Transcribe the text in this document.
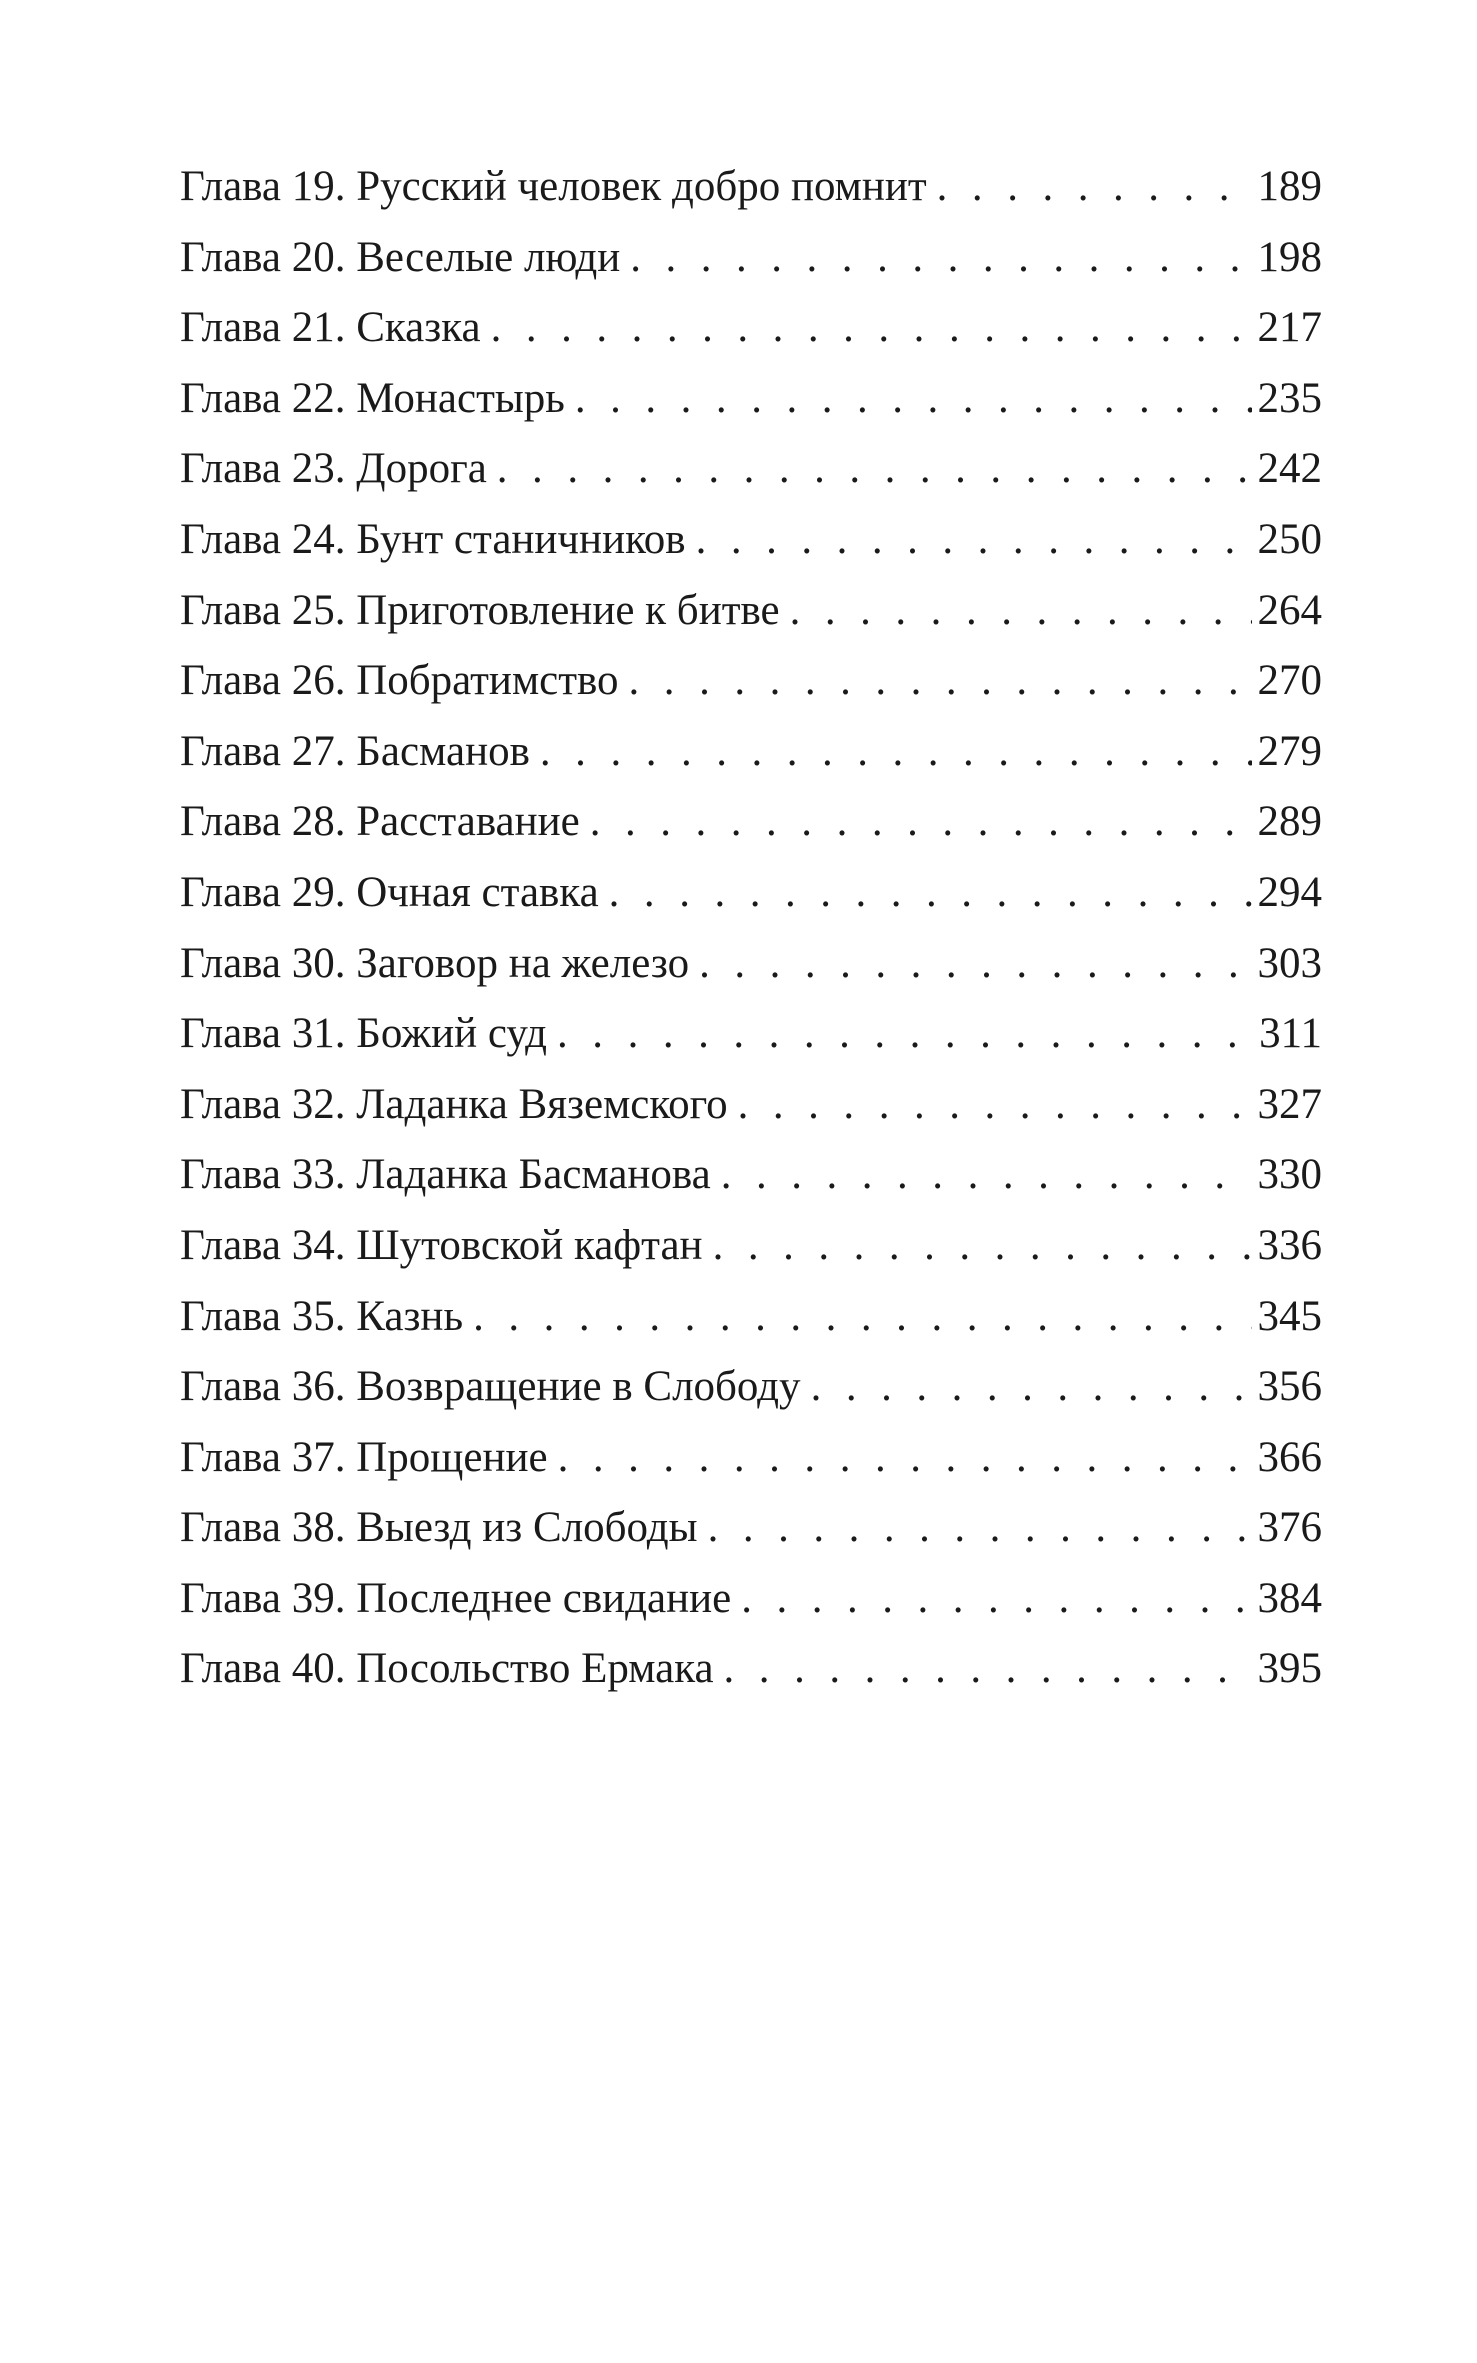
Глава 19. Русский человек добро помнит . . .	189
Глава 20. Веселые люди . . .	198
Глава 21. Сказка . . .	217
Глава 22. Монастырь . . .	235
Глава 23. Дорога . . .	242
Глава 24. Бунт станичников . . .	250
Глава 25. Приготовление к битве . . .	264
Глава 26. Побратимство . . .	270
Глава 27. Басманов . . .	279
Глава 28. Расставание . . .	289
Глава 29. Очная ставка . . .	294
Глава 30. Заговор на железо . . .	303
Глава 31. Божий суд . . .	311
Глава 32. Ладанка Вяземского . . .	327
Глава 33. Ладанка Басманова . . .	330
Глава 34. Шутовской кафтан . . .	336
Глава 35. Казнь . . .	345
Глава 36. Возвращение в Слободу . . .	356
Глава 37. Прощение . . .	366
Глава 38. Выезд из Слободы . . .	376
Глава 39. Последнее свидание . . .	384
Глава 40. Посольство Ермака . . .	395
